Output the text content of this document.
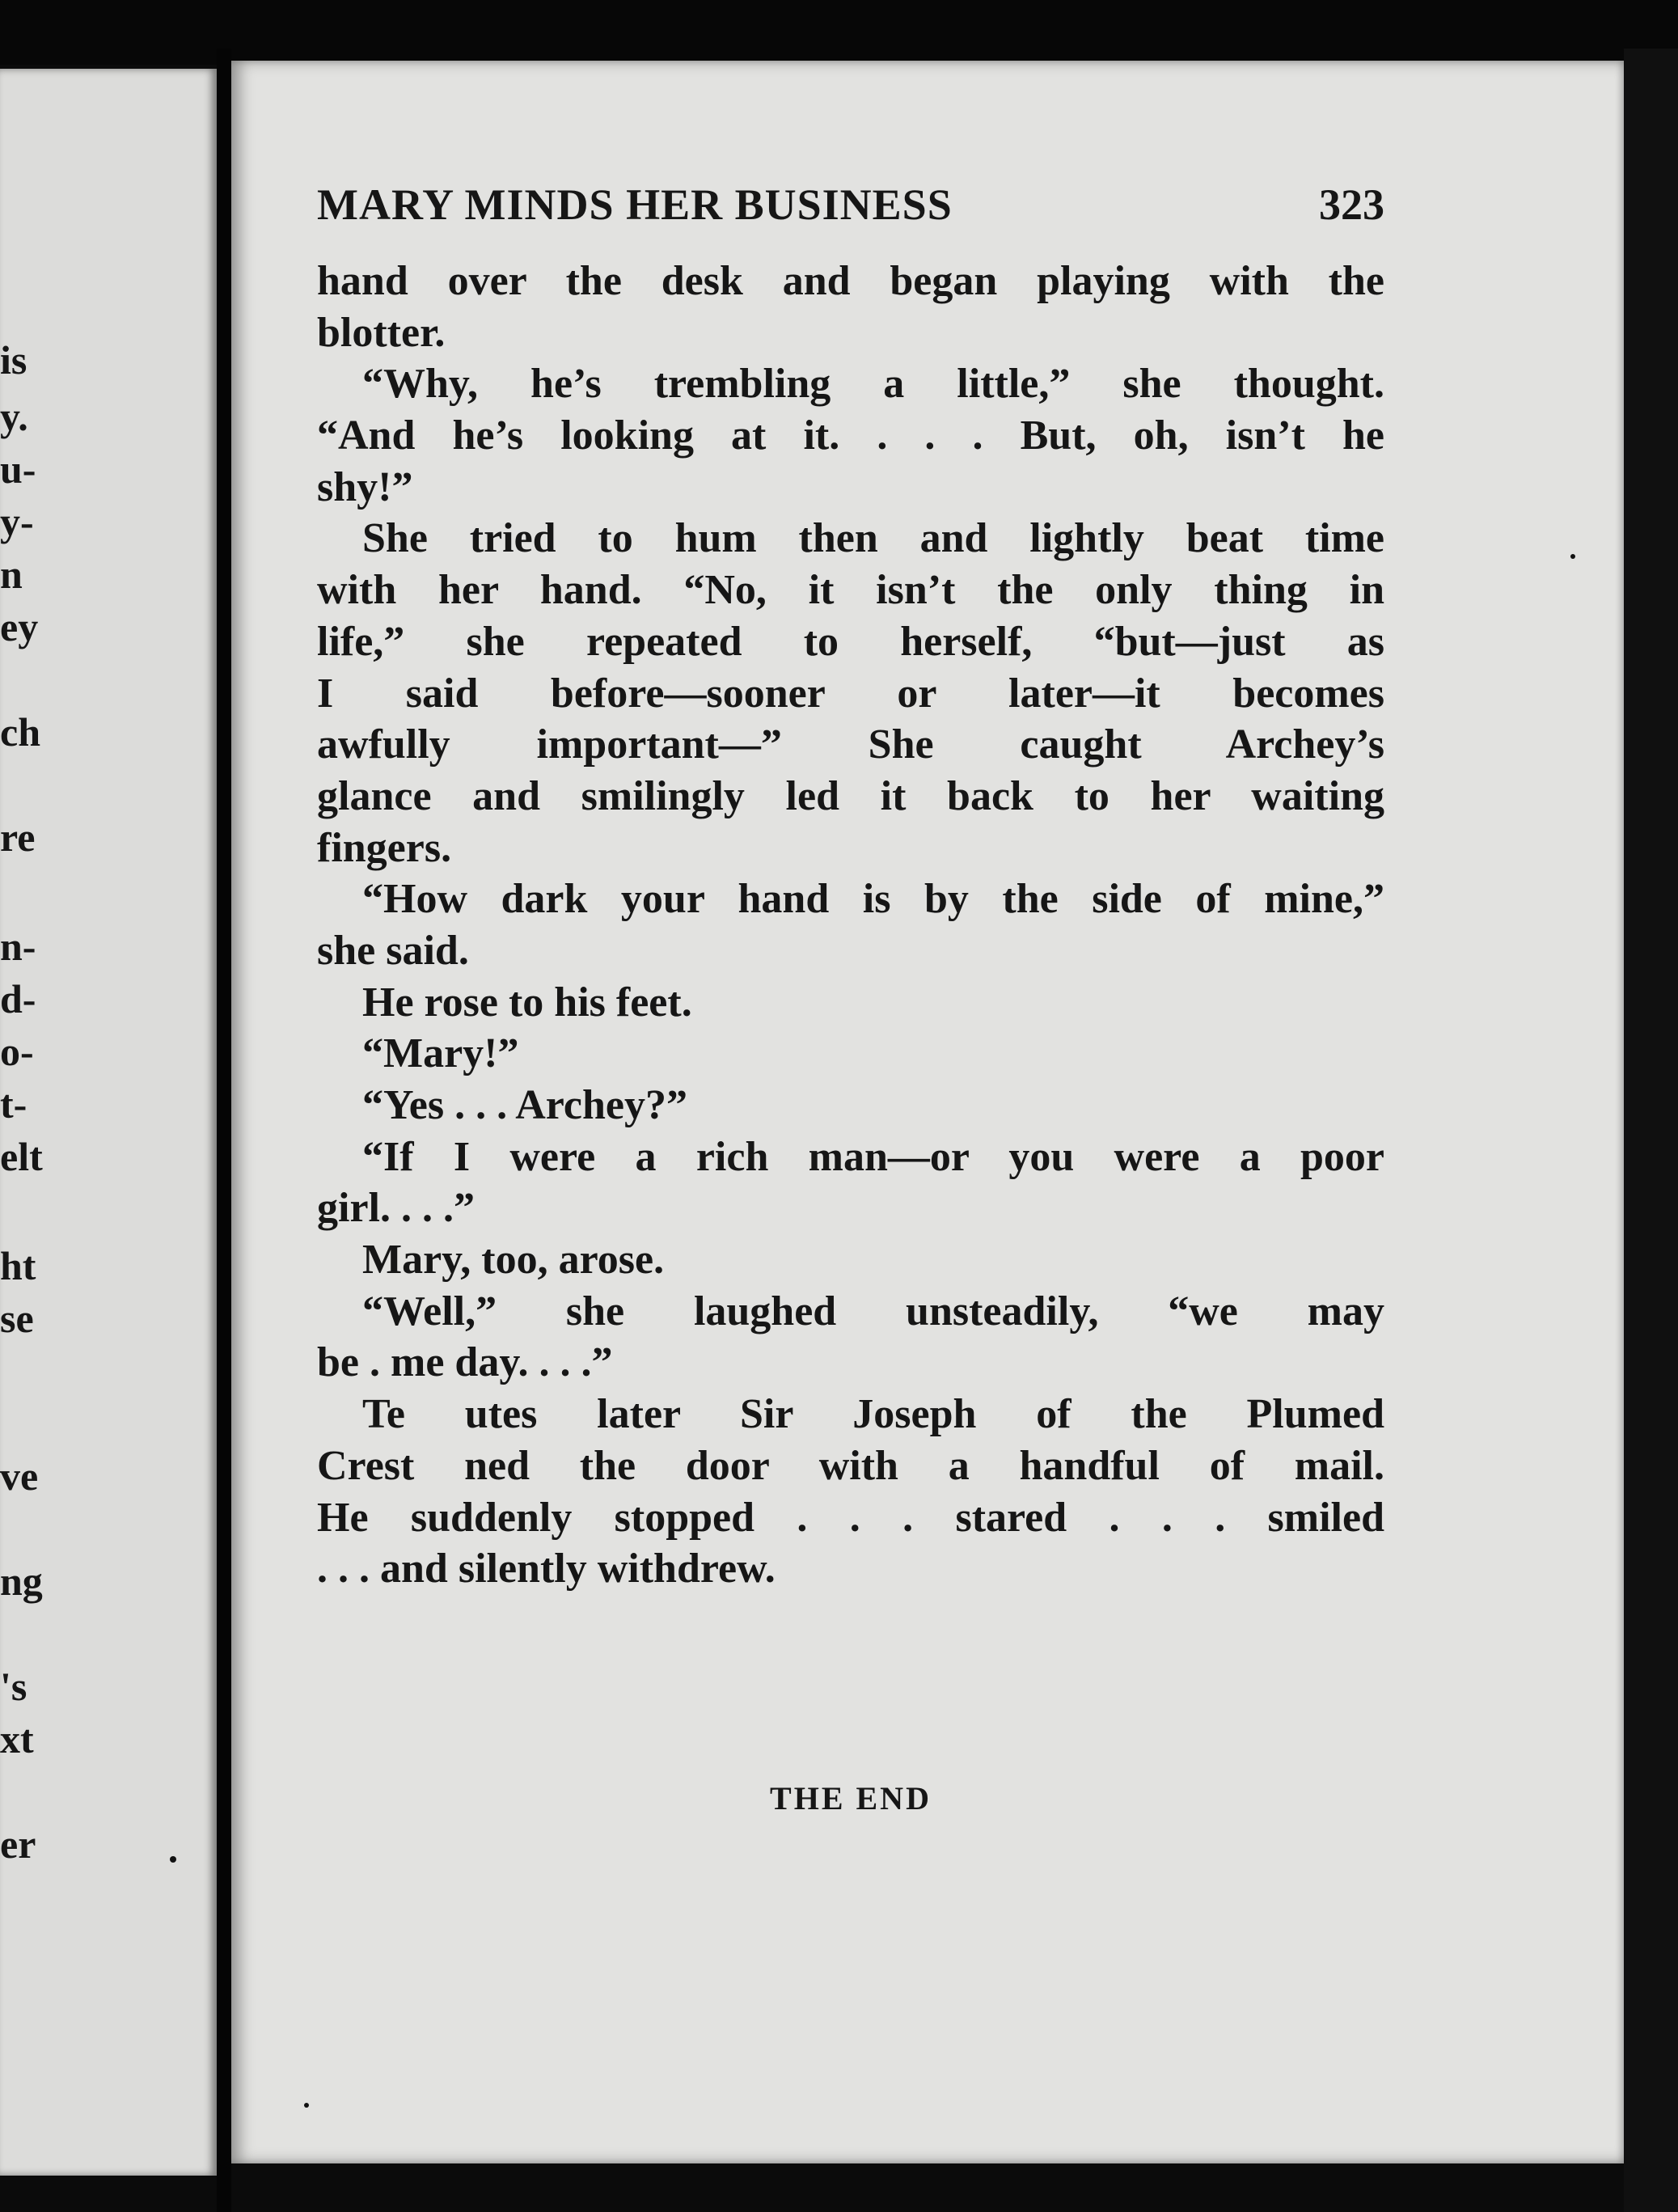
is
y.
u-
y-
n
ey
ch
re
n-
d-
o-
t-
elt
ht
se
ve
ng
's
xt
er
MARY MINDS HER BUSINESS	323
hand over the desk and began playing with the
blotter.
“Why, he’s trembling a little,” she thought.
“And he’s looking at it. . . . But, oh, isn’t he
shy!”
She tried to hum then and lightly beat time
with her hand. “No, it isn’t the only thing in
life,” she repeated to herself, “but—just as
I said before—sooner or later—it becomes
awfully important—” She caught Archey’s
glance and smilingly led it back to her waiting
fingers.
“How dark your hand is by the side of mine,”
she said.
He rose to his feet.
“Mary!”
“Yes . . . Archey?”
“If I were a rich man—or you were a poor
girl. . . .”
Mary, too, arose.
“Well,” she laughed unsteadily, “we may
be . me day. . . .”
Te utes later Sir Joseph of the Plumed
Crest ned the door with a handful of mail.
He suddenly stopped . . . stared . . . smiled
. . . and silently withdrew.
THE END
